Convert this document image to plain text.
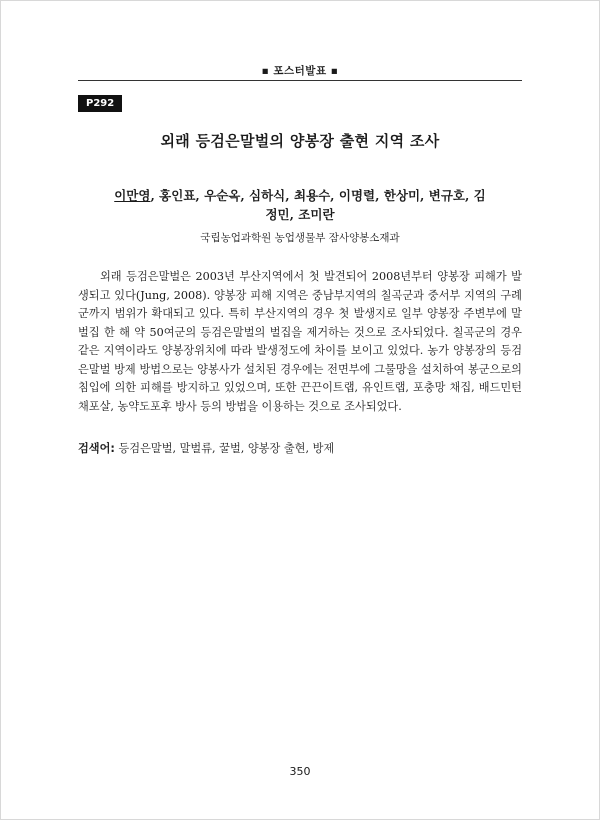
▪ 포스터발표 ▪
P292
외래 등검은말벌의 양봉장 출현 지역 조사
이만영, 홍인표, 우순옥, 심하식, 최용수, 이명렬, 한상미, 변규호, 김정민, 조미란
국립농업과학원 농업생물부 잠사양봉소재과

외래 등검은말벌은 2003년 부산지역에서 첫 발견되어 2008년부터 양봉장 피해가 발생되고 있다(Jung, 2008). 양봉장 피해 지역은 중남부지역의 칠곡군과 중서부 지역의 구례군까지 범위가 확대되고 있다. 특히 부산지역의 경우 첫 발생지로 일부 양봉장 주변부에 말벌집 한 해 약 50여군의 등검은말벌의 벌집을 제거하는 것으로 조사되었다. 칠곡군의 경우 같은 지역이라도 양봉장위치에 따라 발생정도에 차이를 보이고 있었다. 농가 양봉장의 등검은말벌 방제 방법으로는 양봉사가 설치된 경우에는 전면부에 그물망을 설치하여 봉군으로의 침입에 의한 피해를 방지하고 있었으며, 또한 끈끈이트랩, 유인트랩, 포충망 채집, 배드민턴채포살, 농약도포후 방사 등의 방법을 이용하는 것으로 조사되었다.

검색어: 등검은말벌, 말벌류, 꿀벌, 양봉장 출현, 방제
350
